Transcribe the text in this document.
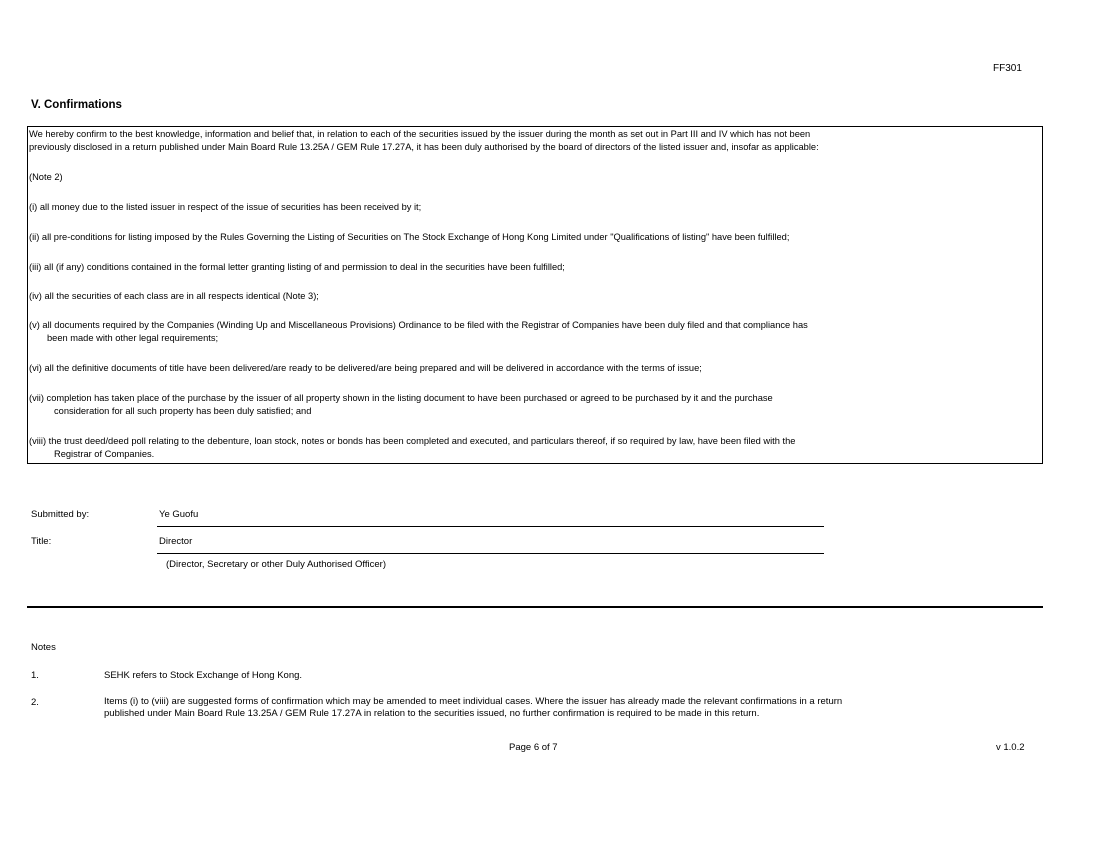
FF301
V. Confirmations
We hereby confirm to the best knowledge, information and belief that, in relation to each of the securities issued by the issuer during the month as set out in Part III and IV which has not been
previously disclosed in a return published under Main Board Rule 13.25A / GEM Rule 17.27A, it has been duly authorised by the board of directors of the listed issuer and, insofar as applicable:
(Note 2)
(i) all money due to the listed issuer in respect of the issue of securities has been received by it;
(ii) all pre-conditions for listing imposed by the Rules Governing the Listing of Securities on The Stock Exchange of Hong Kong Limited under "Qualifications of listing" have been fulfilled;
(iii) all (if any) conditions contained in the formal letter granting listing of and permission to deal in the securities have been fulfilled;
(iv) all the securities of each class are in all respects identical (Note 3);
(v) all documents required by the Companies (Winding Up and Miscellaneous Provisions) Ordinance to be filed with the Registrar of Companies have been duly filed and that compliance has
been made with other legal requirements;
(vi) all the definitive documents of title have been delivered/are ready to be delivered/are being prepared and will be delivered in accordance with the terms of issue;
(vii) completion has taken place of the purchase by the issuer of all property shown in the listing document to have been purchased or agreed to be purchased by it and the purchase
consideration for all such property has been duly satisfied; and
(viii) the trust deed/deed poll relating to the debenture, loan stock, notes or bonds has been completed and executed, and particulars thereof, if so required by law, have been filed with the
Registrar of Companies.
Submitted by:	Ye Guofu
Title:	Director
(Director, Secretary or other Duly Authorised Officer)
Notes
1.	SEHK refers to Stock Exchange of Hong Kong.
2.	Items (i) to (viii) are suggested forms of confirmation which may be amended to meet individual cases. Where the issuer has already made the relevant confirmations in a return
published under Main Board Rule 13.25A / GEM Rule 17.27A in relation to the securities issued, no further confirmation is required to be made in this return.
Page 6 of 7	v 1.0.2
